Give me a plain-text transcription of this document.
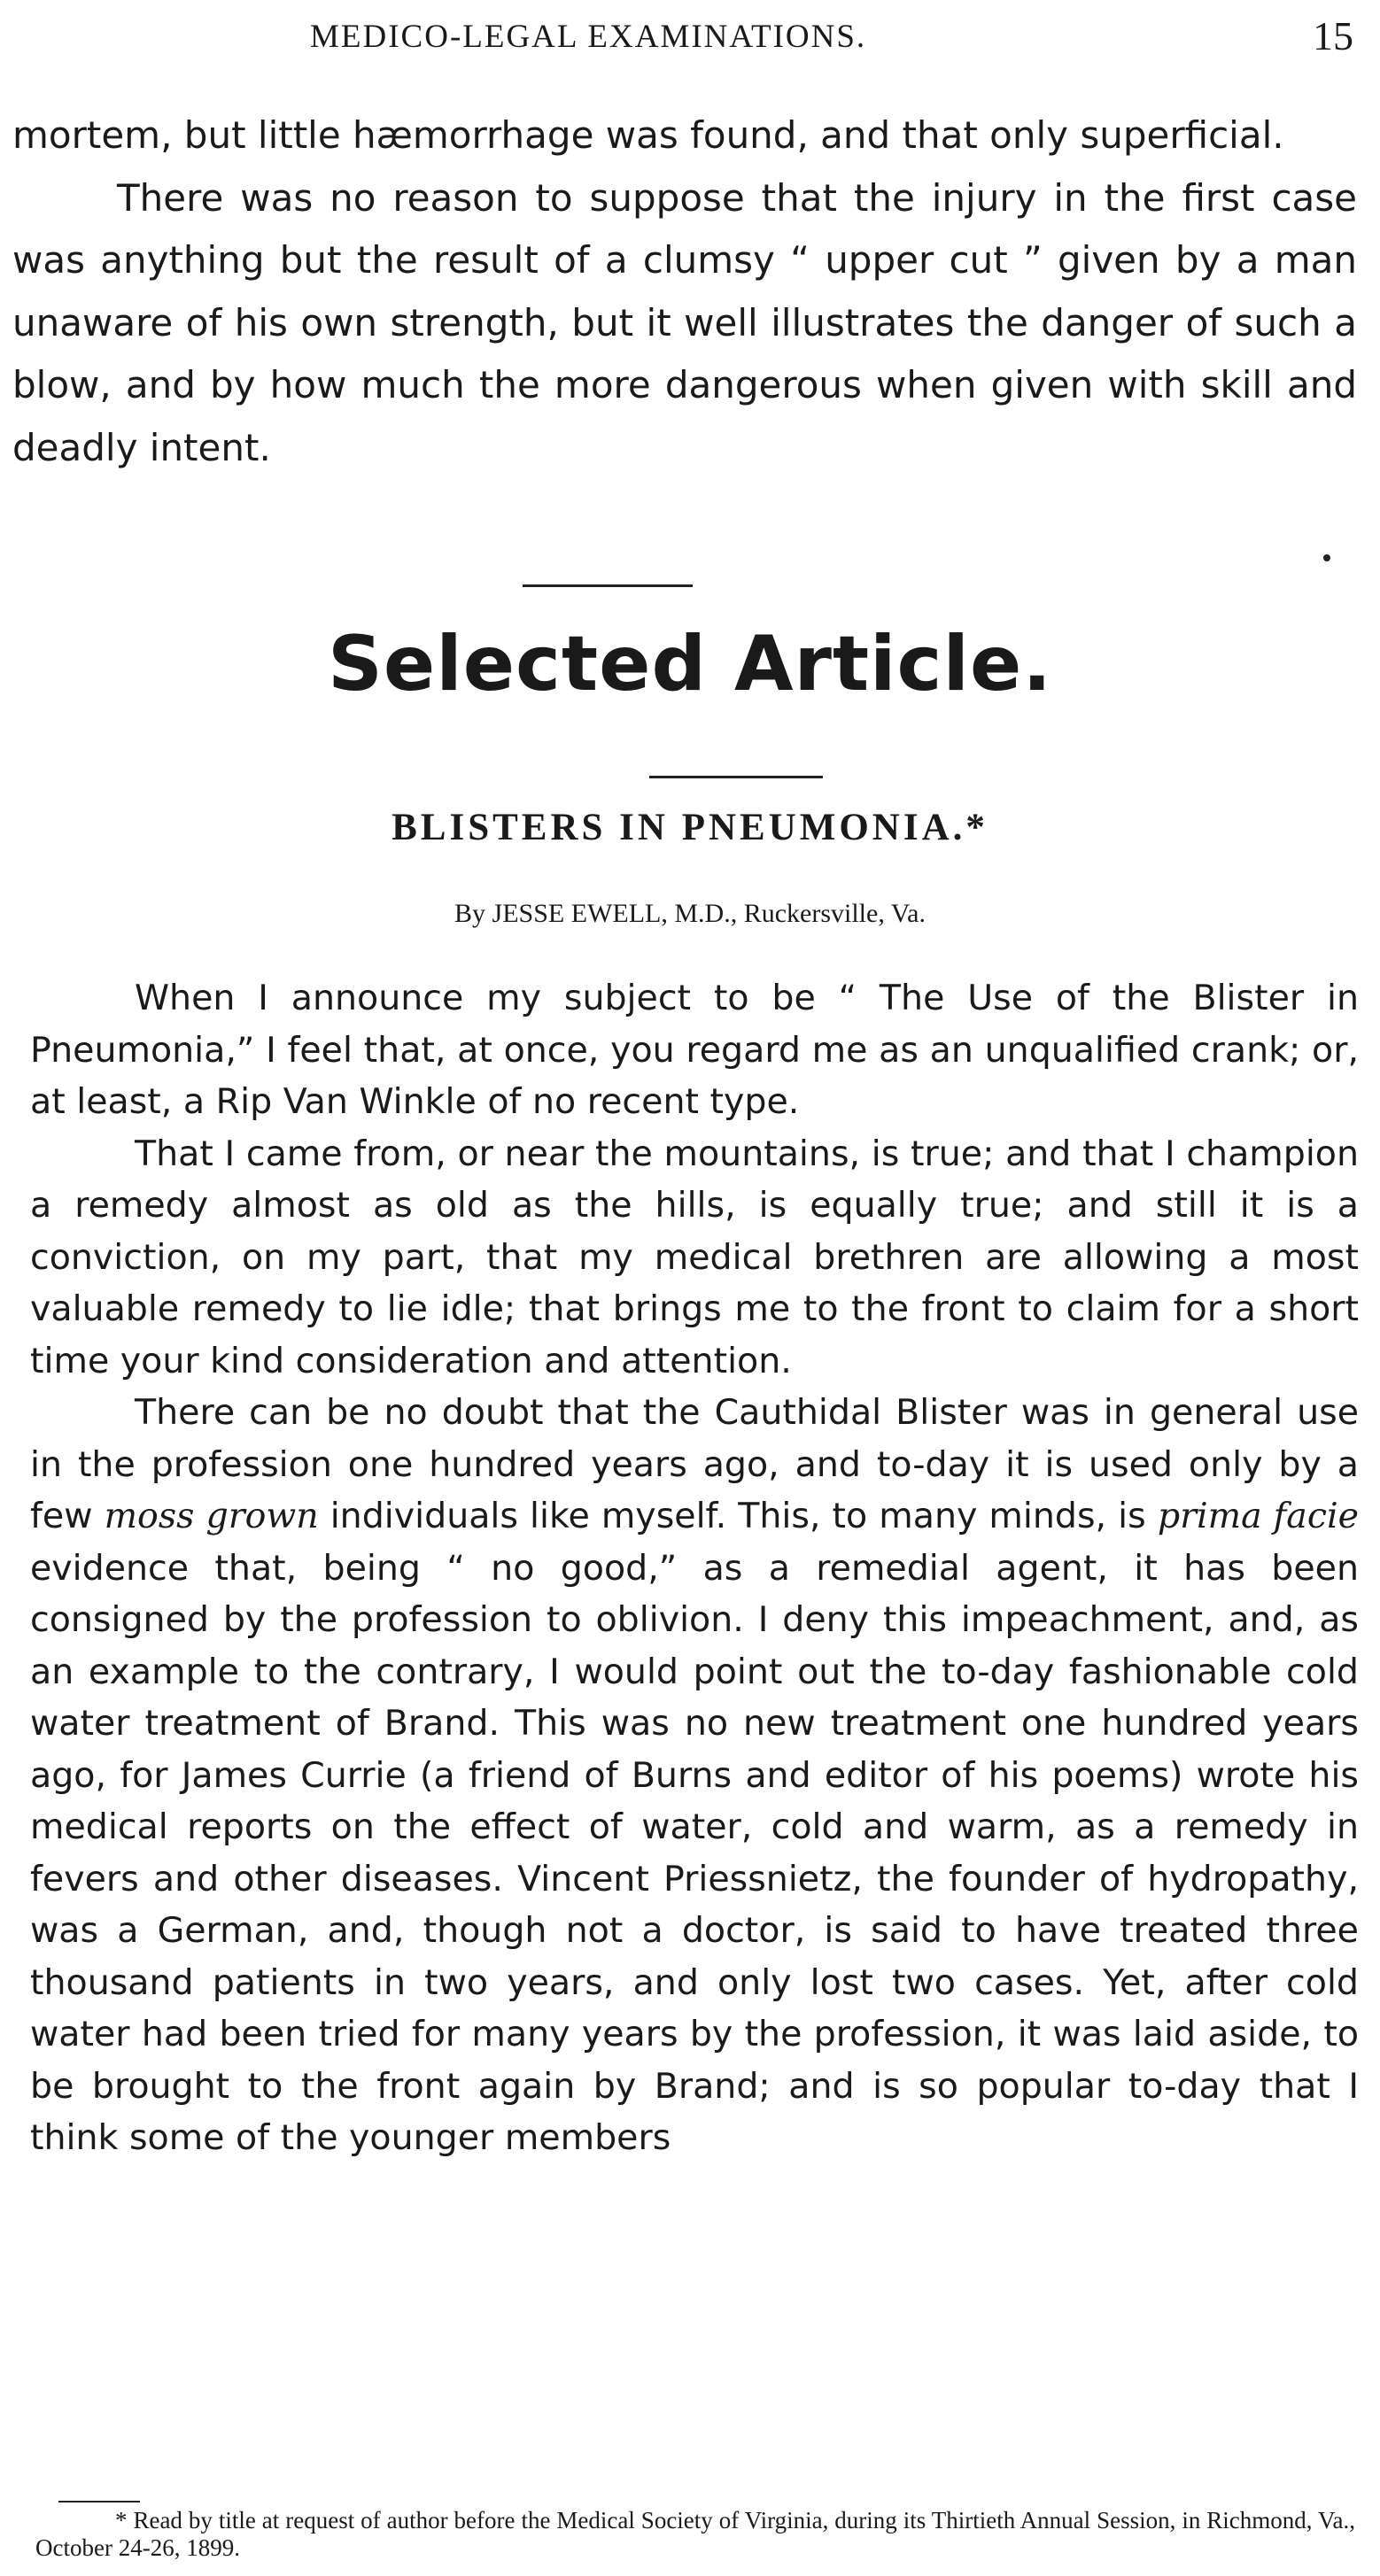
MEDICO-LEGAL EXAMINATIONS.	15

mortem, but little hæmorrhage was found, and that only superficial.

There was no reason to suppose that the injury in the first case was anything but the result of a clumsy “ upper cut ” given by a man unaware of his own strength, but it well illustrates the danger of such a blow, and by how much the more dangerous when given with skill and deadly intent.

Selected Article.
BLISTERS IN PNEUMONIA.*

By JESSE EWELL, M.D., Ruckersville, Va.

When I announce my subject to be “ The Use of the Blister in Pneumonia,” I feel that, at once, you regard me as an unqualified crank; or, at least, a Rip Van Winkle of no recent type.

That I came from, or near the mountains, is true; and that I champion a remedy almost as old as the hills, is equally true; and still it is a conviction, on my part, that my medical brethren are allowing a most valuable remedy to lie idle; that brings me to the front to claim for a short time your kind consideration and attention.

There can be no doubt that the Cauthidal Blister was in general use in the profession one hundred years ago, and to-day it is used only by a few moss grown individuals like myself. This, to many minds, is prima facie evidence that, being “ no good,” as a remedial agent, it has been consigned by the profession to oblivion. I deny this impeachment, and, as an example to the contrary, I would point out the to-day fashionable cold water treatment of Brand. This was no new treatment one hundred years ago, for James Currie (a friend of Burns and editor of his poems) wrote his medical reports on the effect of water, cold and warm, as a remedy in fevers and other diseases. Vincent Priessnietz, the founder of hydropathy, was a German, and, though not a doctor, is said to have treated three thousand patients in two years, and only lost two cases. Yet, after cold water had been tried for many years by the profession, it was laid aside, to be brought to the front again by Brand; and is so popular to-day that I think some of the younger members

* Read by title at request of author before the Medical Society of Virginia, during its Thirtieth Annual Session, in Richmond, Va., October 24-26, 1899.
